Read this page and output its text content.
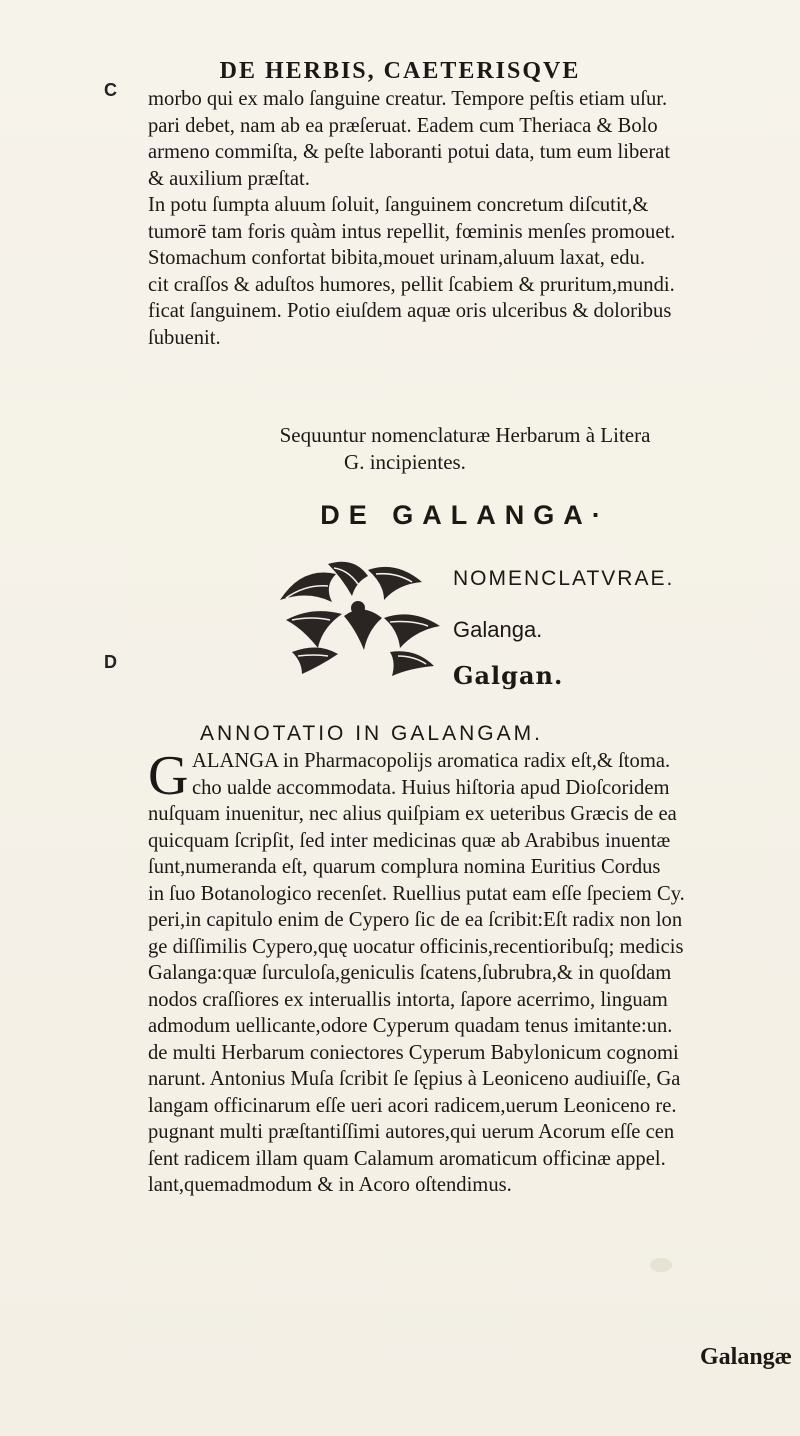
C
D
DE HERBIS, CAETERISQVE
morbo qui ex malo ſanguine creatur. Tempore peſtis etiam uſur.
pari debet, nam ab ea præſeruat. Eadem cum Theriaca & Bolo
armeno commiſta, & peſte laboranti potui data, tum eum liberat
& auxilium præſtat.
In potu ſumpta aluum ſoluit, ſanguinem concretum diſcutit,&
tumorē tam foris quàm intus repellit, fœminis menſes promouet.
Stomachum confortat bibita,mouet urinam,aluum laxat, edu.
cit craſſos & aduſtos humores, pellit ſcabiem & pruritum,mundi.
ficat ſanguinem. Potio eiuſdem aquæ oris ulceribus & doloribus
ſubuenit.
Sequuntur nomenclaturæ Herbarum à Litera
G. incipientes.
DE GALANGA·
NOMENCLATVRAE.
Galanga.
Galgan.
ANNOTATIO IN GALANGAM.
G ALANGA in Pharmacopolijs aromatica radix eſt,& ſtoma.
cho ualde accommodata. Huius hiſtoria apud Dioſcoridem
nuſquam inuenitur, nec alius quiſpiam ex ueteribus Græcis de ea
quicquam ſcripſit, ſed inter medicinas quæ ab Arabibus inuentæ
ſunt,numeranda eſt, quarum complura nomina Euritius Cordus
in ſuo Botanologico recenſet. Ruellius putat eam eſſe ſpeciem Cy.
peri,in capitulo enim de Cypero ſic de ea ſcribit:Eſt radix non lon
ge diſſimilis Cypero,quę uocatur officinis,recentioribuſq; medicis
Galanga:quæ ſurculoſa,geniculis ſcatens,ſubrubra,& in quoſdam
nodos craſſiores ex interuallis intorta, ſapore acerrimo, linguam
admodum uellicante,odore Cyperum quadam tenus imitante:un.
de multi Herbarum coniectores Cyperum Babylonicum cognomi
narunt. Antonius Muſa ſcribit ſe ſępius à Leoniceno audiuiſſe, Ga
langam officinarum eſſe ueri acori radicem,uerum Leoniceno re.
pugnant multi præſtantiſſimi autores,qui uerum Acorum eſſe cen
ſent radicem illam quam Calamum aromaticum officinæ appel.
lant,quemadmodum & in Acoro oſtendimus.
Galangæ
